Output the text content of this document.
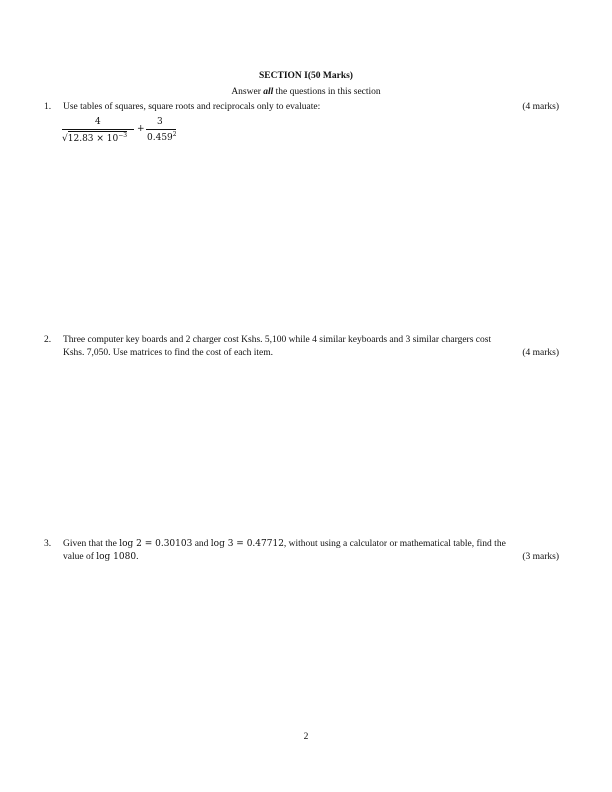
SECTION I(50 Marks)
Answer all the questions in this section
1.	Use tables of squares, square roots and reciprocals only to evaluate:	(4 marks)
4
$√12.83 \times 10^{-3}$
+
3
0.459$^2$
2.	Three computer key boards and 2 charger cost Kshs. 5,100 while 4 similar keyboards and 3 similar chargers cost
Kshs. 7,050. Use matrices to find the cost of each item.	(4 marks)
3.	Given that the log 2 = 0.30103 and log 3 = 0.47712, without using a calculator or mathematical table, find the
value of log 1080.	(3 marks)
2
